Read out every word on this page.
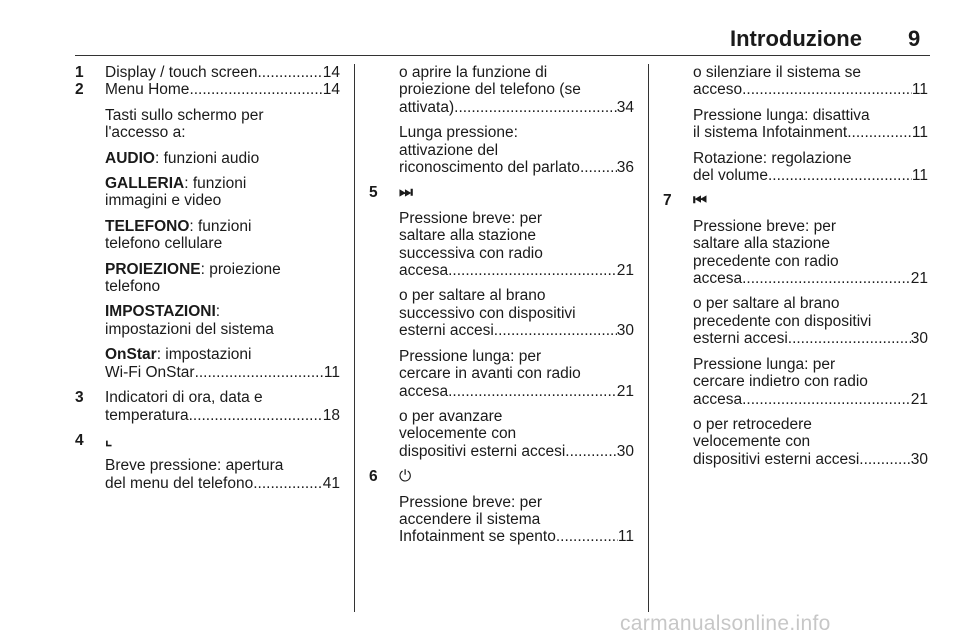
Introduzione 9
1 Display / touch screen .....	14
2 Menu Home .....	14
Tasti sullo schermo per l'accesso a:
AUDIO: funzioni audio
GALLERIA: funzioni immagini e video
TELEFONO: funzioni telefono cellulare
PROIEZIONE: proiezione telefono
IMPOSTAZIONI: impostazioni del sistema
OnStar: impostazioni
Wi-Fi OnStar .....	11
3 Indicatori di ora, data e
temperatura .....	18
4 ⌞
Breve pressione: apertura
del menu del telefono .....	41
o aprire la funzione di
proiezione del telefono (se
attivata) .....	34
Lunga pressione:
attivazione del
riconoscimento del parlato ..... 36
5 ⏭
Pressione breve: per
saltare alla stazione
successiva con radio
accesa .....	21
o per saltare al brano
successivo con dispositivi
esterni accesi .....	30
Pressione lunga: per
cercare in avanti con radio
accesa .....	21
o per avanzare
velocemente con
dispositivi esterni accesi .....	30
6 ⏻
Pressione breve: per
accendere il sistema
Infotainment se spento .....	11
o silenziare il sistema se
acceso .....	11
Pressione lunga: disattiva
il sistema Infotainment .....	11
Rotazione: regolazione
del volume .....	11
7 ⏮
Pressione breve: per
saltare alla stazione
precedente con radio
accesa .....	21
o per saltare al brano
precedente con dispositivi
esterni accesi .....	30
Pressione lunga: per
cercare indietro con radio
accesa .....	21
o per retrocedere
velocemente con
dispositivi esterni accesi .....	30
carmanualsonline.info
